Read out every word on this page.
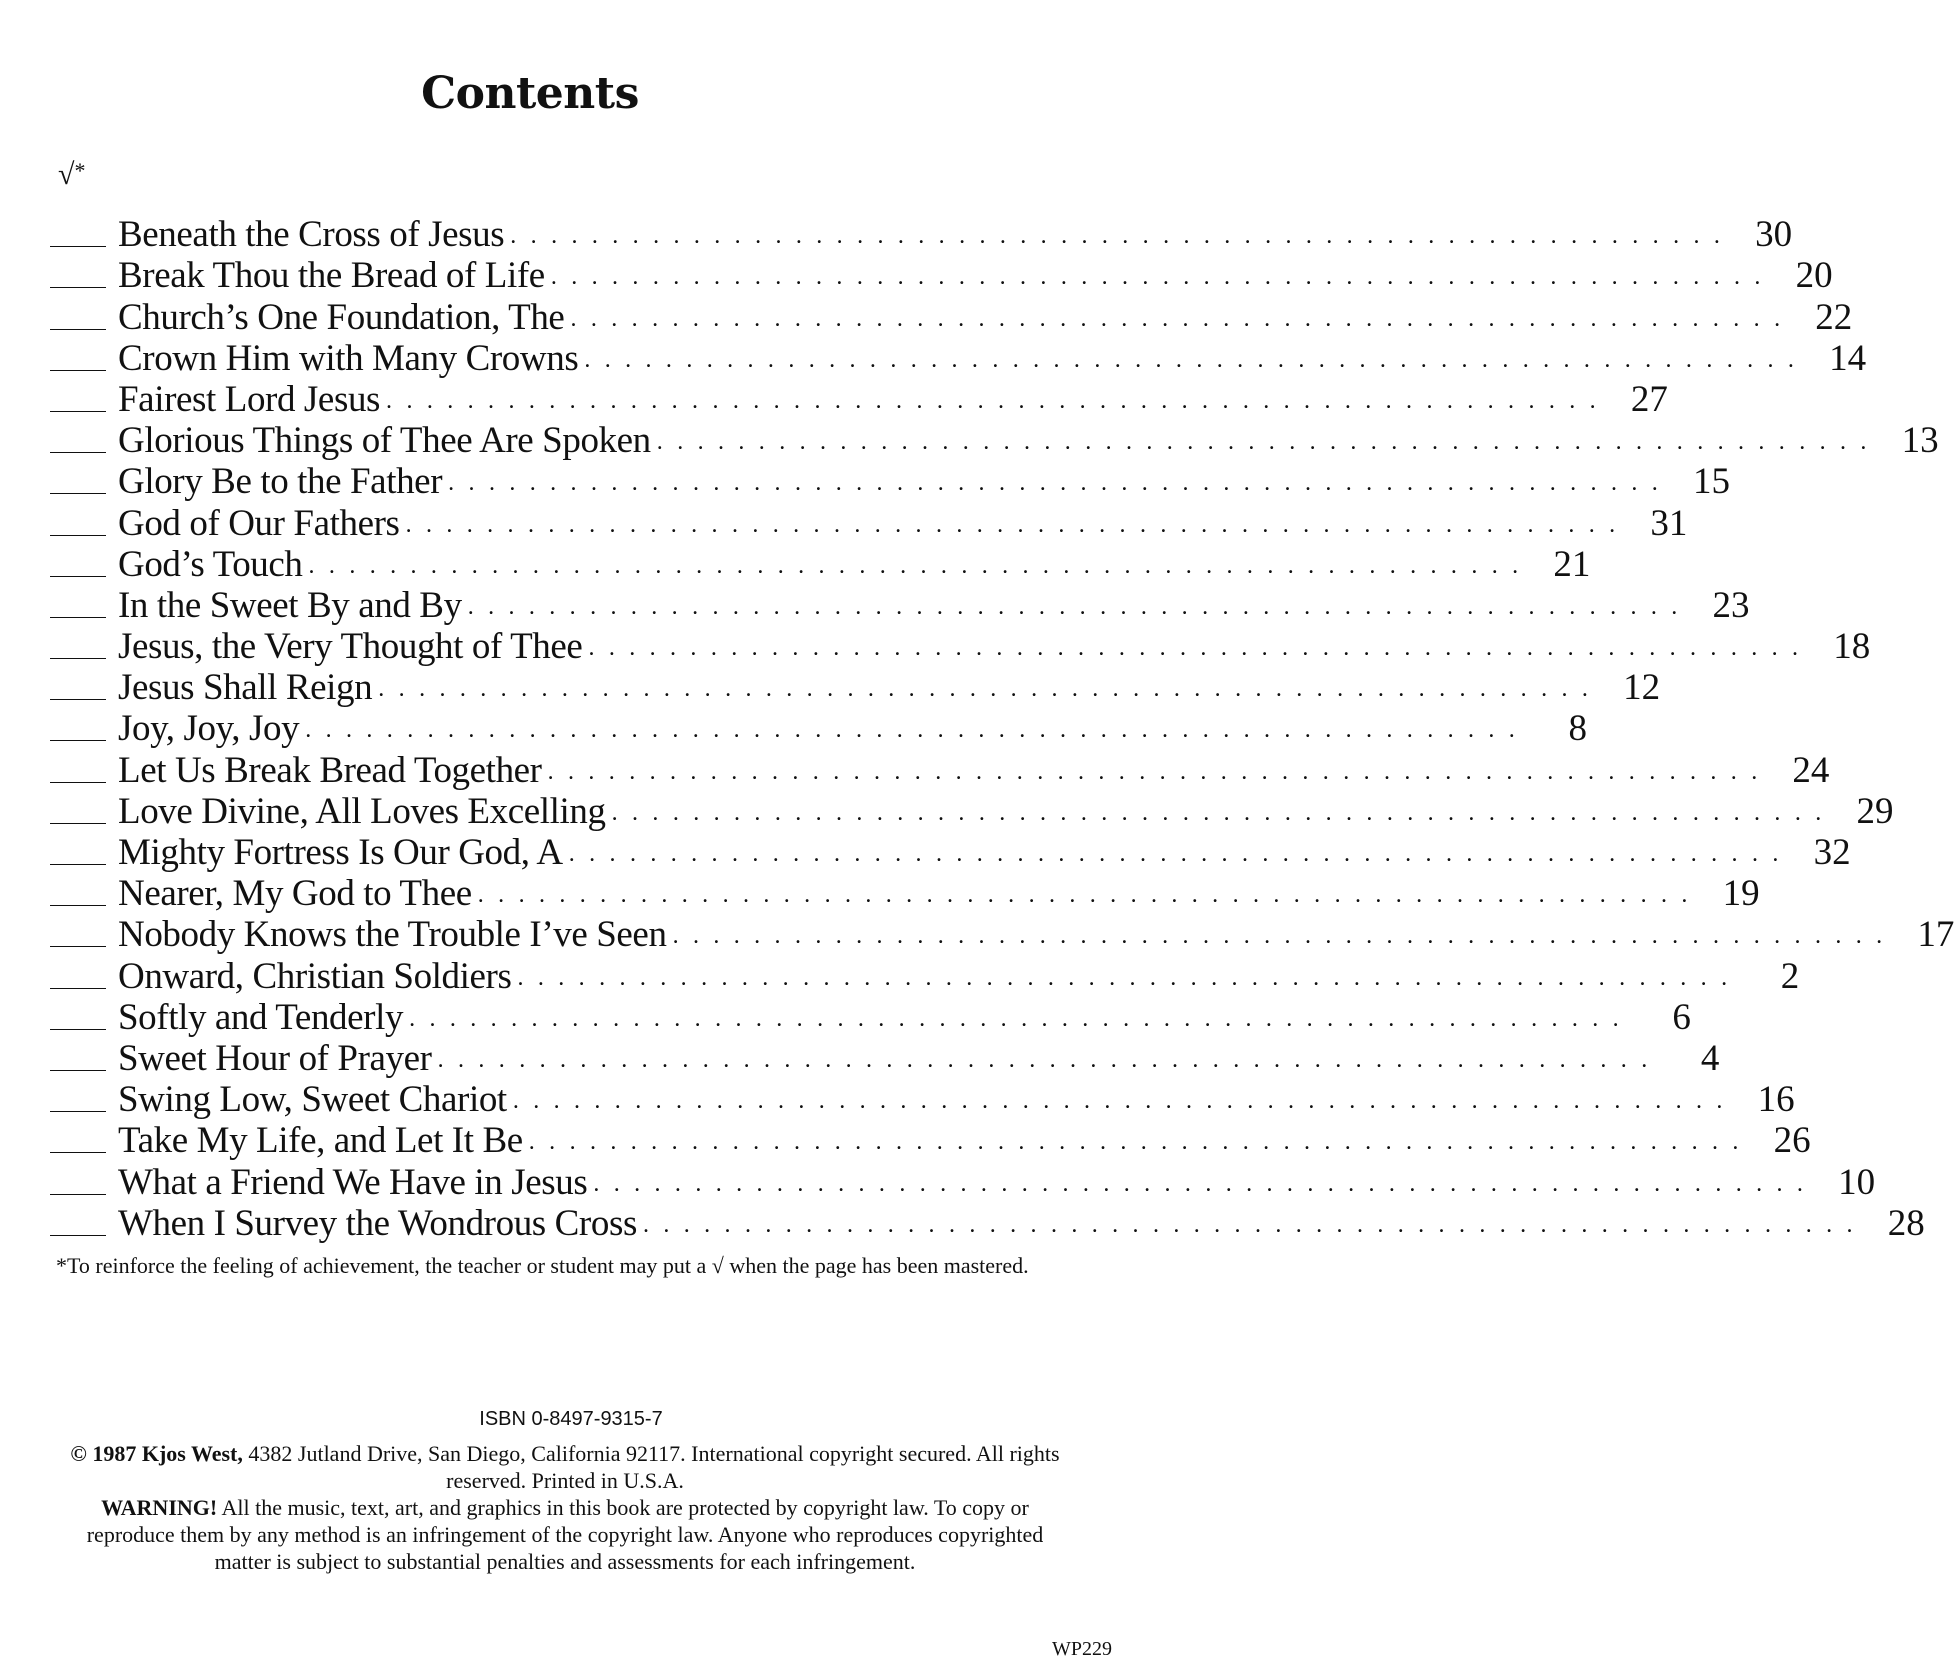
Contents
√*
Beneath the Cross of Jesus . . . . . . . . . . . . . . . . . . . . . . . . . . . . . . . . . . . . . . . . . . . . . . . . . . . . . . . . . . . . 30
Break Thou the Bread of Life . . . . . . . . . . . . . . . . . . . . . . . . . . . . . . . . . . . . . . . . . . . . . . . . . . . . . . . . . . . . 20
Church’s One Foundation, The . . . . . . . . . . . . . . . . . . . . . . . . . . . . . . . . . . . . . . . . . . . . . . . . . . . . . . . . . . . . 22
Crown Him with Many Crowns . . . . . . . . . . . . . . . . . . . . . . . . . . . . . . . . . . . . . . . . . . . . . . . . . . . . . . . . . . . . 14
Fairest Lord Jesus . . . . . . . . . . . . . . . . . . . . . . . . . . . . . . . . . . . . . . . . . . . . . . . . . . . . . . . . . . . . 27
Glorious Things of Thee Are Spoken . . . . . . . . . . . . . . . . . . . . . . . . . . . . . . . . . . . . . . . . . . . . . . . . . . . . . . . . . . . . 13
Glory Be to the Father . . . . . . . . . . . . . . . . . . . . . . . . . . . . . . . . . . . . . . . . . . . . . . . . . . . . . . . . . . . . 15
God of Our Fathers . . . . . . . . . . . . . . . . . . . . . . . . . . . . . . . . . . . . . . . . . . . . . . . . . . . . . . . . . . . . 31
God’s Touch . . . . . . . . . . . . . . . . . . . . . . . . . . . . . . . . . . . . . . . . . . . . . . . . . . . . . . . . . . . . 21
In the Sweet By and By . . . . . . . . . . . . . . . . . . . . . . . . . . . . . . . . . . . . . . . . . . . . . . . . . . . . . . . . . . . . 23
Jesus, the Very Thought of Thee . . . . . . . . . . . . . . . . . . . . . . . . . . . . . . . . . . . . . . . . . . . . . . . . . . . . . . . . . . . . 18
Jesus Shall Reign . . . . . . . . . . . . . . . . . . . . . . . . . . . . . . . . . . . . . . . . . . . . . . . . . . . . . . . . . . . . 12
Joy, Joy, Joy . . . . . . . . . . . . . . . . . . . . . . . . . . . . . . . . . . . . . . . . . . . . . . . . . . . . . . . . . . . .	8
Let Us Break Bread Together . . . . . . . . . . . . . . . . . . . . . . . . . . . . . . . . . . . . . . . . . . . . . . . . . . . . . . . . . . . . 24
Love Divine, All Loves Excelling . . . . . . . . . . . . . . . . . . . . . . . . . . . . . . . . . . . . . . . . . . . . . . . . . . . . . . . . . . . . 29
Mighty Fortress Is Our God, A . . . . . . . . . . . . . . . . . . . . . . . . . . . . . . . . . . . . . . . . . . . . . . . . . . . . . . . . . . . . 32
Nearer, My God to Thee . . . . . . . . . . . . . . . . . . . . . . . . . . . . . . . . . . . . . . . . . . . . . . . . . . . . . . . . . . . . 19
Nobody Knows the Trouble I’ve Seen . . . . . . . . . . . . . . . . . . . . . . . . . . . . . . . . . . . . . . . . . . . . . . . . . . . . . . . . . . . . 17
Onward, Christian Soldiers . . . . . . . . . . . . . . . . . . . . . . . . . . . . . . . . . . . . . . . . . . . . . . . . . . . . . . . . . . . .	2
Softly and Tenderly . . . . . . . . . . . . . . . . . . . . . . . . . . . . . . . . . . . . . . . . . . . . . . . . . . . . . . . . . . . .	6
Sweet Hour of Prayer . . . . . . . . . . . . . . . . . . . . . . . . . . . . . . . . . . . . . . . . . . . . . . . . . . . . . . . . . . . .	4
Swing Low, Sweet Chariot . . . . . . . . . . . . . . . . . . . . . . . . . . . . . . . . . . . . . . . . . . . . . . . . . . . . . . . . . . . . 16
Take My Life, and Let It Be . . . . . . . . . . . . . . . . . . . . . . . . . . . . . . . . . . . . . . . . . . . . . . . . . . . . . . . . . . . . 26
What a Friend We Have in Jesus . . . . . . . . . . . . . . . . . . . . . . . . . . . . . . . . . . . . . . . . . . . . . . . . . . . . . . . . . . . . 10
When I Survey the Wondrous Cross . . . . . . . . . . . . . . . . . . . . . . . . . . . . . . . . . . . . . . . . . . . . . . . . . . . . . . . . . . . . 28
*To reinforce the feeling of achievement, the teacher or student may put a √ when the page has been mastered.
ISBN 0-8497-9315-7
© 1987 Kjos West, 4382 Jutland Drive, San Diego, California 92117. International copyright secured. All rights reserved. Printed in U.S.A.
WARNING! All the music, text, art, and graphics in this book are protected by copyright law. To copy or reproduce them by any method is an infringement of the copyright law. Anyone who reproduces copyrighted matter is subject to substantial penalties and assessments for each infringement.
WP229
